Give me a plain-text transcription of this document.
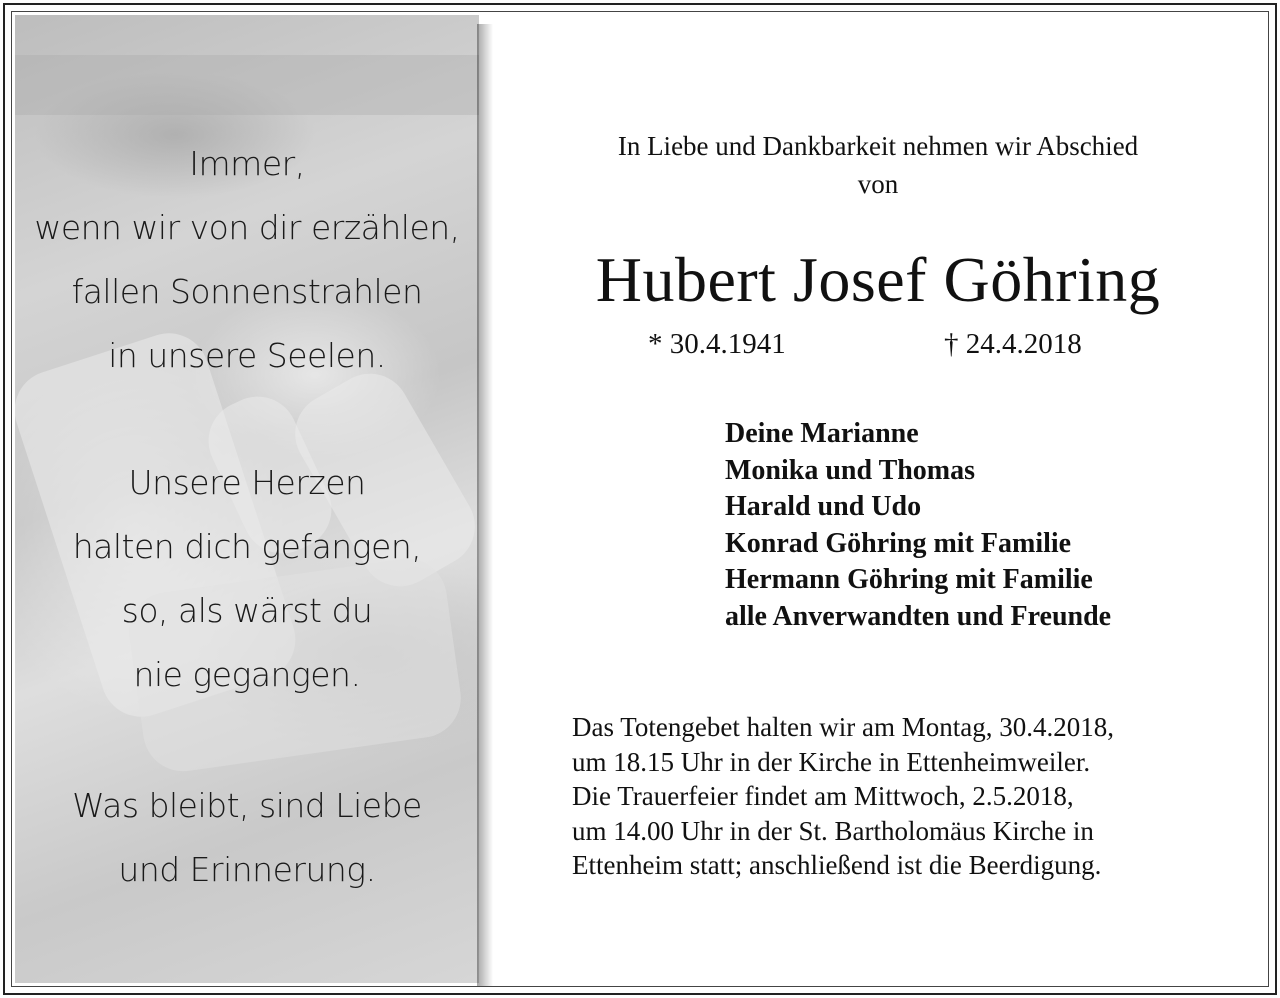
Immer,
wenn wir von dir erzählen,
fallen Sonnenstrahlen
in unsere Seelen.

Unsere Herzen
halten dich gefangen,
so, als wärst du
nie gegangen.

Was bleibt, sind Liebe
und Erinnerung.

In Liebe und Dankbarkeit nehmen wir Abschied
von

Hubert Josef Göhring

* 30.4.1941	† 24.4.2018

Deine Marianne
Monika und Thomas
Harald und Udo
Konrad Göhring mit Familie
Hermann Göhring mit Familie
alle Anverwandten und Freunde

Das Totengebet halten wir am Montag, 30.4.2018,
um 18.15 Uhr in der Kirche in Ettenheimweiler.
Die Trauerfeier findet am Mittwoch, 2.5.2018,
um 14.00 Uhr in der St. Bartholomäus Kirche in
Ettenheim statt; anschließend ist die Beerdigung.
